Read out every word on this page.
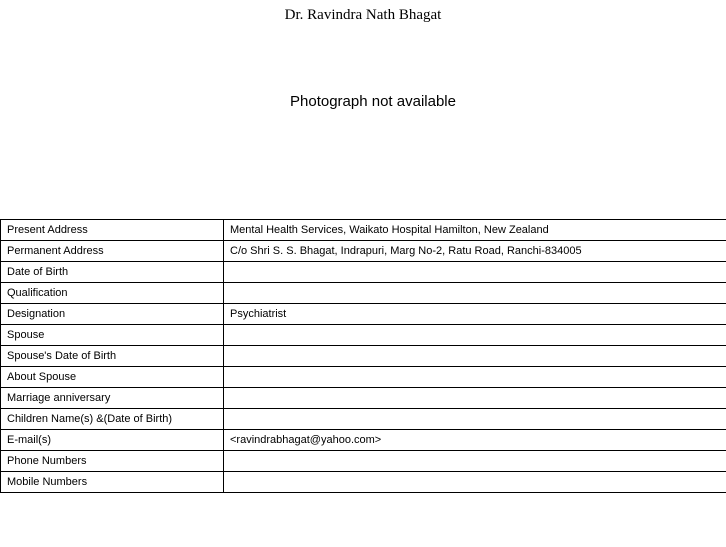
Dr. Ravindra Nath Bhagat
Photograph not available
Present Address	Mental Health Services, Waikato Hospital Hamilton, New Zealand
Permanent Address	C/o Shri S. S. Bhagat, Indrapuri, Marg No-2, Ratu Road, Ranchi-834005
Date of Birth	
Qualification	
Designation	Psychiatrist
Spouse	
Spouse's Date of Birth	
About Spouse	
Marriage anniversary	
Children Name(s) &(Date of Birth)	
E-mail(s)	<ravindrabhagat@yahoo.com>
Phone Numbers	
Mobile Numbers	
